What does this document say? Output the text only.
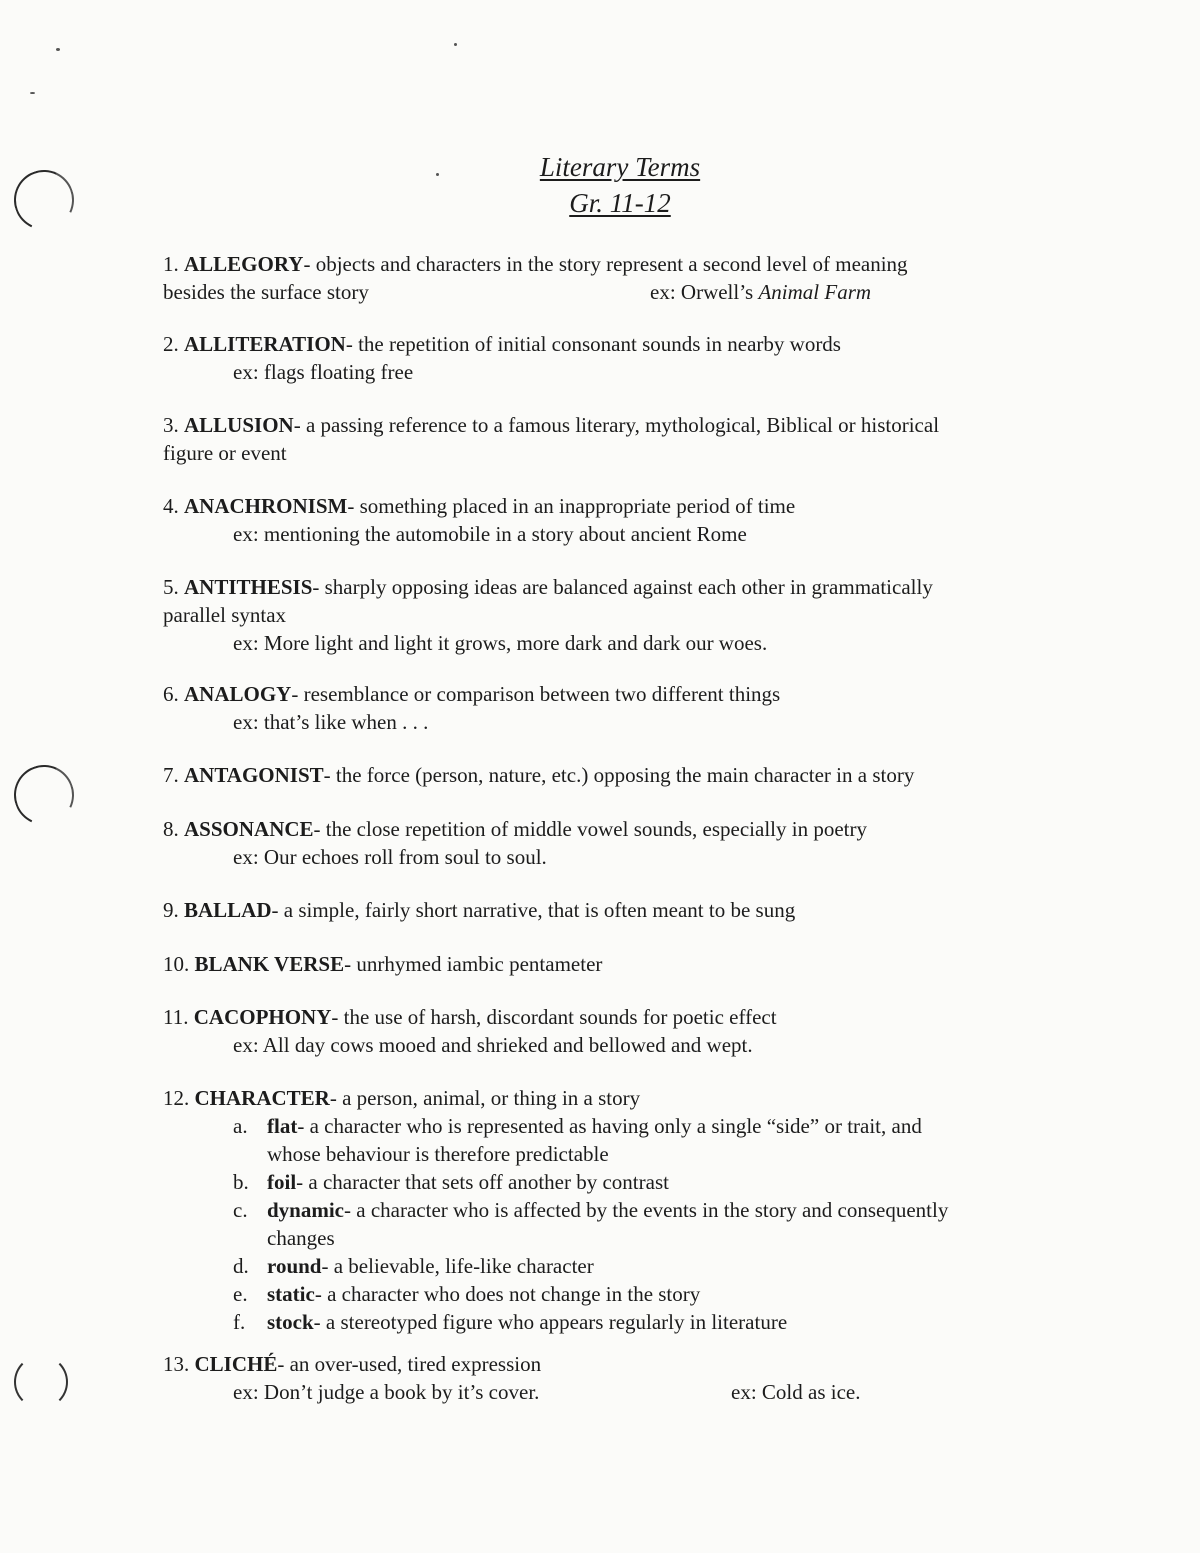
Literary Terms
Gr. 11-12
1. ALLEGORY- objects and characters in the story represent a second level of meaning
besides the surface story	ex: Orwell’s Animal Farm
2. ALLITERATION- the repetition of initial consonant sounds in nearby words
ex: flags floating free
3. ALLUSION- a passing reference to a famous literary, mythological, Biblical or historical
figure or event
4. ANACHRONISM- something placed in an inappropriate period of time
ex: mentioning the automobile in a story about ancient Rome
5. ANTITHESIS- sharply opposing ideas are balanced against each other in grammatically
parallel syntax
ex: More light and light it grows, more dark and dark our woes.
6. ANALOGY- resemblance or comparison between two different things
ex: that’s like when . . .
7. ANTAGONIST- the force (person, nature, etc.) opposing the main character in a story
8. ASSONANCE- the close repetition of middle vowel sounds, especially in poetry
ex: Our echoes roll from soul to soul.
9. BALLAD- a simple, fairly short narrative, that is often meant to be sung
10. BLANK VERSE- unrhymed iambic pentameter
11. CACOPHONY- the use of harsh, discordant sounds for poetic effect
ex: All day cows mooed and shrieked and bellowed and wept.
12. CHARACTER- a person, animal, or thing in a story
a. flat- a character who is represented as having only a single “side” or trait, and
whose behaviour is therefore predictable
b. foil- a character that sets off another by contrast
c. dynamic- a character who is affected by the events in the story and consequently
changes
d. round- a believable, life-like character
e. static- a character who does not change in the story
f.	stock- a stereotyped figure who appears regularly in literature
13. CLICHÉ- an over-used, tired expression
ex: Don’t judge a book by it’s cover.	ex: Cold as ice.
